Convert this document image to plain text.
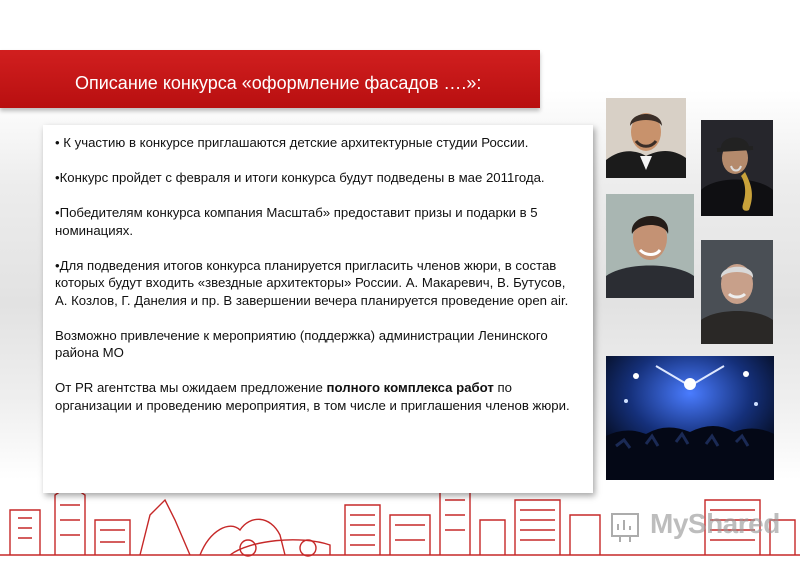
Описание конкурса «оформление фасадов ….»:

• К участию в конкурсе приглашаются детские архитектурные студии России.

•Конкурс пройдет с февраля и итоги конкурса будут подведены в мае 2011года.

•Победителям конкурса компания Масштаб» предоставит призы и подарки в 5 номинациях.

•Для подведения итогов конкурса планируется пригласить членов жюри, в состав которых будут входить «звездные архитекторы» России. А. Макаревич, В. Бутусов, А. Козлов, Г. Данелия и пр. В завершении вечера планируется проведение open air.

Возможно привлечение к мероприятию (поддержка) администрации Ленинского района МО

От PR агентства мы ожидаем предложение полного комплекса работ по организации и проведению мероприятия, в том числе и приглашения членов жюри.

MyShared
